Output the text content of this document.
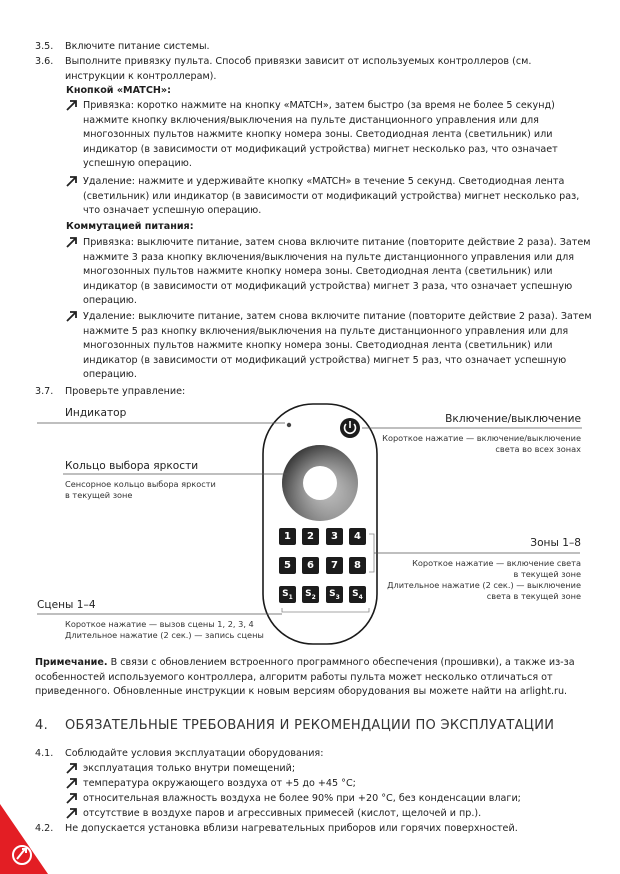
3.5. Включите питание системы.
3.6. Выполните привязку пульта. Способ привязки зависит от используемых контроллеров (см. инструкции к контроллерам).
Кнопкой «MATCH»:
Привязка: коротко нажмите на кнопку «MATCH», затем быстро (за время не более 5 секунд) нажмите кнопку включения/выключения на пульте дистанционного управления или для многозонных пультов нажмите кнопку номера зоны. Светодиодная лента (светильник) или индикатор (в зависимости от модификаций устройства) мигнет несколько раз, что означает успешную операцию.
Удаление: нажмите и удерживайте кнопку «MATCH» в течение 5 секунд. Светодиодная лента (светильник) или индикатор (в зависимости от модификаций устройства) мигнет несколько раз, что означает успешную операцию.
Коммутацией питания:
Привязка: выключите питание, затем снова включите питание (повторите действие 2 раза). Затем нажмите 3 раза кнопку включения/выключения на пульте дистанционного управления или для многозонных пультов нажмите кнопку номера зоны. Светодиодная лента (светильник) или индикатор (в зависимости от модификаций устройства) мигнет 3 раза, что означает успешную операцию.
Удаление: выключите питание, затем снова включите питание (повторите действие 2 раза). Затем нажмите 5 раз кнопку включения/выключения на пульте дистанционного управления или для многозонных пультов нажмите кнопку номера зоны. Светодиодная лента (светильник) или индикатор (в зависимости от модификаций устройства) мигнет 5 раз, что означает успешную операцию.
3.7. Проверьте управление:
1	2	3	4
5	6	7	8
$S_1$	$S_2$	$S_3$	$S_4$
Индикатор	Включение/выключение
Короткое нажатие — включение/выключение
света во всех зонах
Кольцо выбора яркости
Сенсорное кольцо выбора яркости
в текущей зоне
Зоны 1–8
Короткое нажатие — включение света
в текущей зоне
Длительное нажатие (2 сек.) — выключение
света в текущей зоне
Сцены 1–4
Короткое нажатие — вызов сцены 1, 2, 3, 4
Длительное нажатие (2 сек.) — запись сцены
Примечание. В связи с обновлением встроенного программного обеспечения (прошивки), а также из-за особенностей используемого контроллера, алгоритм работы пульта может несколько отличаться от приведенного. Обновленные инструкции к новым версиям оборудования вы можете найти на arlight.ru.
4. ОБЯЗАТЕЛЬНЫЕ ТРЕБОВАНИЯ И РЕКОМЕНДАЦИИ ПО ЭКСПЛУАТАЦИИ
4.1. Соблюдайте условия эксплуатации оборудования:
эксплуатация только внутри помещений;
температура окружающего воздуха от +5 до +45 °С;
относительная влажность воздуха не более 90% при +20 °С, без конденсации влаги;
отсутствие в воздухе паров и агрессивных примесей (кислот, щелочей и пр.).
4.2. Не допускается установка вблизи нагревательных приборов или горячих поверхностей.
